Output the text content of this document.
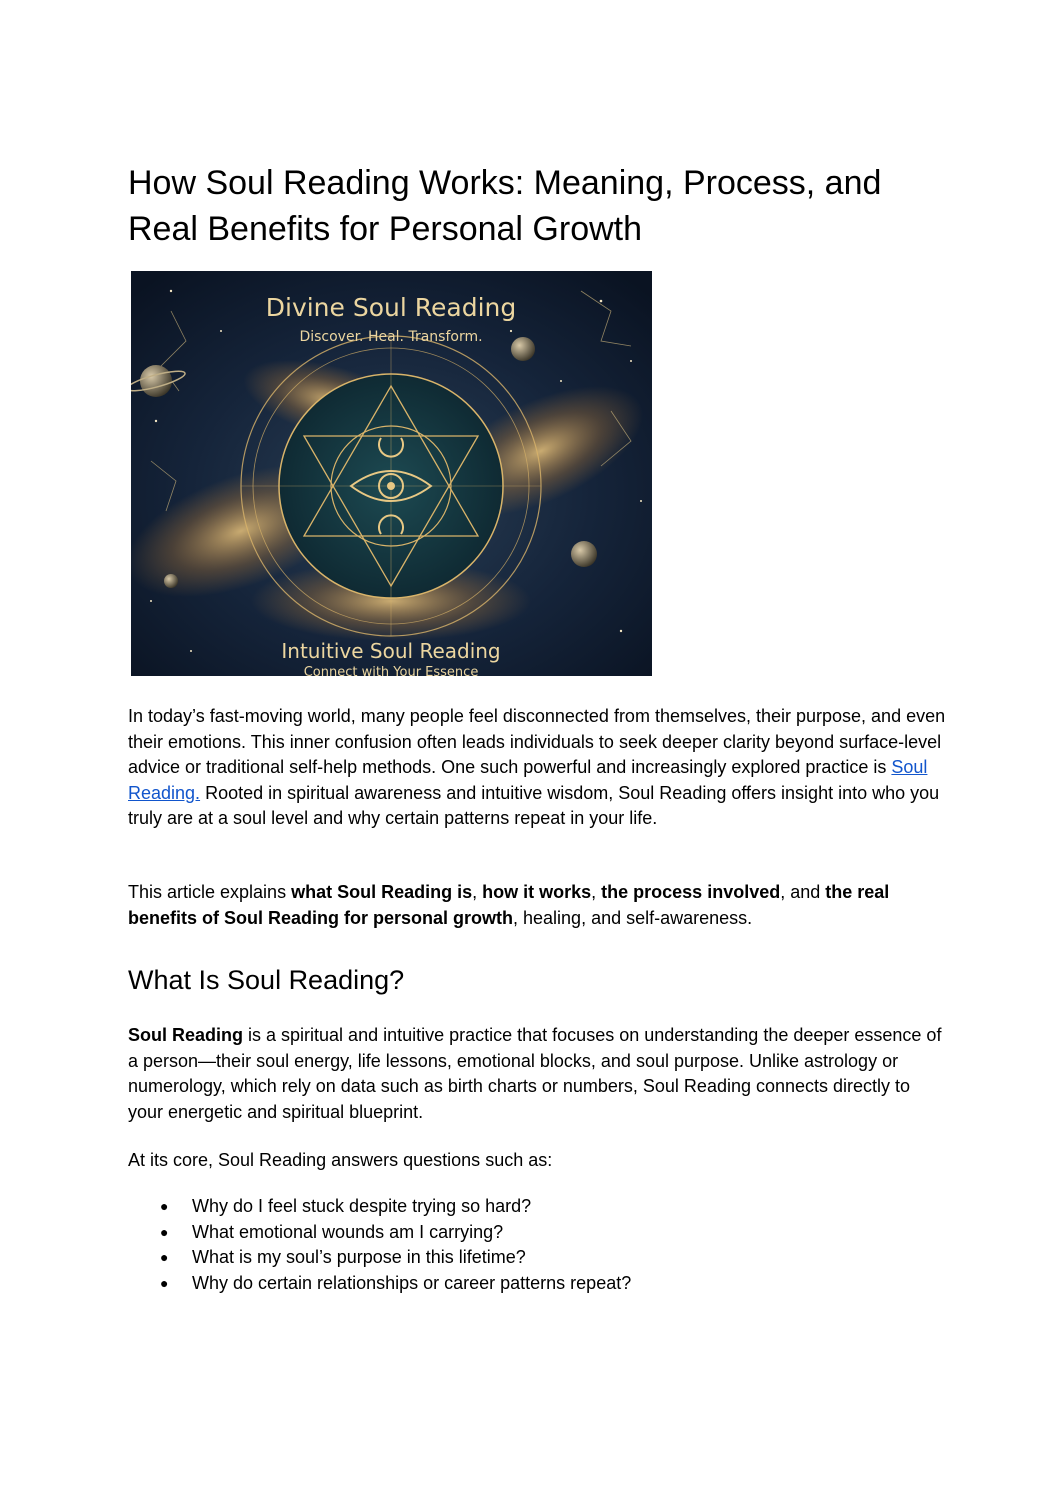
How Soul Reading Works: Meaning, Process, and Real Benefits for Personal Growth
Divine Soul Reading
Discover. Heal. Transform.
Intuitive Soul Reading
Connect with Your Essence

In today’s fast-moving world, many people feel disconnected from themselves, their purpose, and even their emotions. This inner confusion often leads individuals to seek deeper clarity beyond surface-level advice or traditional self-help methods. One such powerful and increasingly explored practice is Soul Reading. Rooted in spiritual awareness and intuitive wisdom, Soul Reading offers insight into who you truly are at a soul level and why certain patterns repeat in your life.

This article explains what Soul Reading is, how it works, the process involved, and the real benefits of Soul Reading for personal growth, healing, and self-awareness.

What Is Soul Reading?

Soul Reading is a spiritual and intuitive practice that focuses on understanding the deeper essence of a person—their soul energy, life lessons, emotional blocks, and soul purpose. Unlike astrology or numerology, which rely on data such as birth charts or numbers, Soul Reading connects directly to your energetic and spiritual blueprint.

At its core, Soul Reading answers questions such as:

● Why do I feel stuck despite trying so hard?
● What emotional wounds am I carrying?
● What is my soul’s purpose in this lifetime?
● Why do certain relationships or career patterns repeat?
